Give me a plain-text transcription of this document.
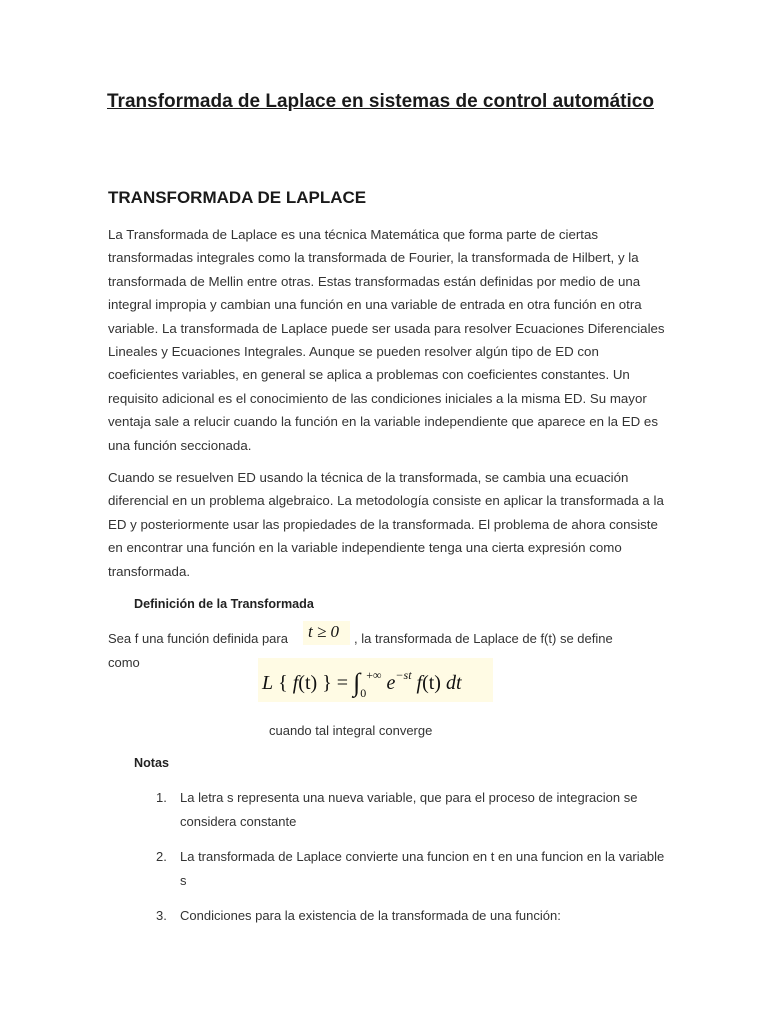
Transformada de Laplace en sistemas de control automático
TRANSFORMADA DE LAPLACE
La Transformada de Laplace es una técnica Matemática que forma parte de ciertas transformadas integrales como la transformada de Fourier, la transformada de Hilbert, y la transformada de Mellin entre otras. Estas transformadas están definidas por medio de una integral impropia y cambian una función en una variable de entrada en otra función en otra variable. La transformada de Laplace puede ser usada para resolver Ecuaciones Diferenciales Lineales y Ecuaciones Integrales. Aunque se pueden resolver algún tipo de ED con coeficientes variables, en general se aplica a problemas con coeficientes constantes. Un requisito adicional es el conocimiento de las condiciones iniciales a la misma ED. Su mayor ventaja sale a relucir cuando la función en la variable independiente que aparece en la ED es una función seccionada.
Cuando se resuelven ED usando la técnica de la transformada, se cambia una ecuación diferencial en un problema algebraico. La metodología consiste en aplicar la transformada a la ED y posteriormente usar las propiedades de la transformada. El problema de ahora consiste en encontrar una función en la variable independiente tenga una cierta expresión como transformada.
Definición de la Transformada
Sea f una función definida para t ≥ 0 , la transformada de Laplace de f(t) se define
como
L { f(t) } = $\int_0^{+\infty}$ $e^{-st}$ f(t) dt
cuando tal integral converge
Notas
1. La letra s representa una nueva variable, que para el proceso de integracion se considera constante
2. La transformada de Laplace convierte una funcion en t en una funcion en la variable s
3. Condiciones para la existencia de la transformada de una función:
